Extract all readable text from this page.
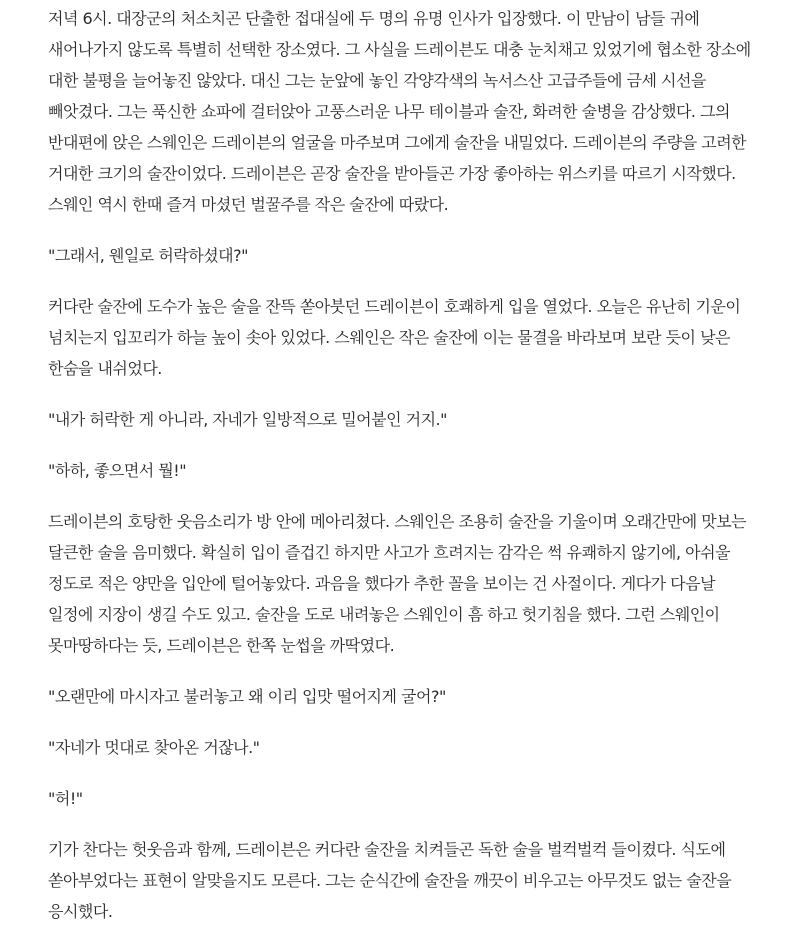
저녁 6시. 대장군의 처소치곤 단출한 접대실에 두 명의 유명 인사가 입장했다. 이 만남이 남들 귀에 새어나가지 않도록 특별히 선택한 장소였다. 그 사실을 드레이븐도 대충 눈치채고 있었기에 협소한 장소에 대한 불평을 늘어놓진 않았다. 대신 그는 눈앞에 놓인 각양각색의 녹서스산 고급주들에 금세 시선을 빼앗겼다. 그는 푹신한 쇼파에 걸터앉아 고풍스러운 나무 테이블과 술잔, 화려한 술병을 감상했다. 그의 반대편에 앉은 스웨인은 드레이븐의 얼굴을 마주보며 그에게 술잔을 내밀었다. 드레이븐의 주량을 고려한 거대한 크기의 술잔이었다. 드레이븐은 곧장 술잔을 받아들곤 가장 좋아하는 위스키를 따르기 시작했다. 스웨인 역시 한때 즐겨 마셨던 벌꿀주를 작은 술잔에 따랐다.

"그래서, 웬일로 허락하셨대?"

커다란 술잔에 도수가 높은 술을 잔뜩 쏟아붓던 드레이븐이 호쾌하게 입을 열었다. 오늘은 유난히 기운이 넘치는지 입꼬리가 하늘 높이 솟아 있었다. 스웨인은 작은 술잔에 이는 물결을 바라보며 보란 듯이 낮은 한숨을 내쉬었다.

"내가 허락한 게 아니라, 자네가 일방적으로 밀어붙인 거지."

"하하, 좋으면서 뭘!"

드레이븐의 호탕한 웃음소리가 방 안에 메아리쳤다. 스웨인은 조용히 술잔을 기울이며 오래간만에 맛보는 달큰한 술을 음미했다. 확실히 입이 즐겁긴 하지만 사고가 흐려지는 감각은 썩 유쾌하지 않기에, 아쉬울 정도로 적은 양만을 입안에 털어놓았다. 과음을 했다가 추한 꼴을 보이는 건 사절이다. 게다가 다음날 일정에 지장이 생길 수도 있고. 술잔을 도로 내려놓은 스웨인이 흠 하고 헛기침을 했다. 그런 스웨인이 못마땅하다는 듯, 드레이븐은 한쪽 눈썹을 까딱였다.

"오랜만에 마시자고 불러놓고 왜 이리 입맛 떨어지게 굴어?"

"자네가 멋대로 찾아온 거잖나."

"허!"

기가 찬다는 헛웃음과 함께, 드레이븐은 커다란 술잔을 치켜들곤 독한 술을 벌컥벌컥 들이켰다. 식도에 쏟아부었다는 표현이 알맞을지도 모른다. 그는 순식간에 술잔을 깨끗이 비우고는 아무것도 없는 술잔을 응시했다.
